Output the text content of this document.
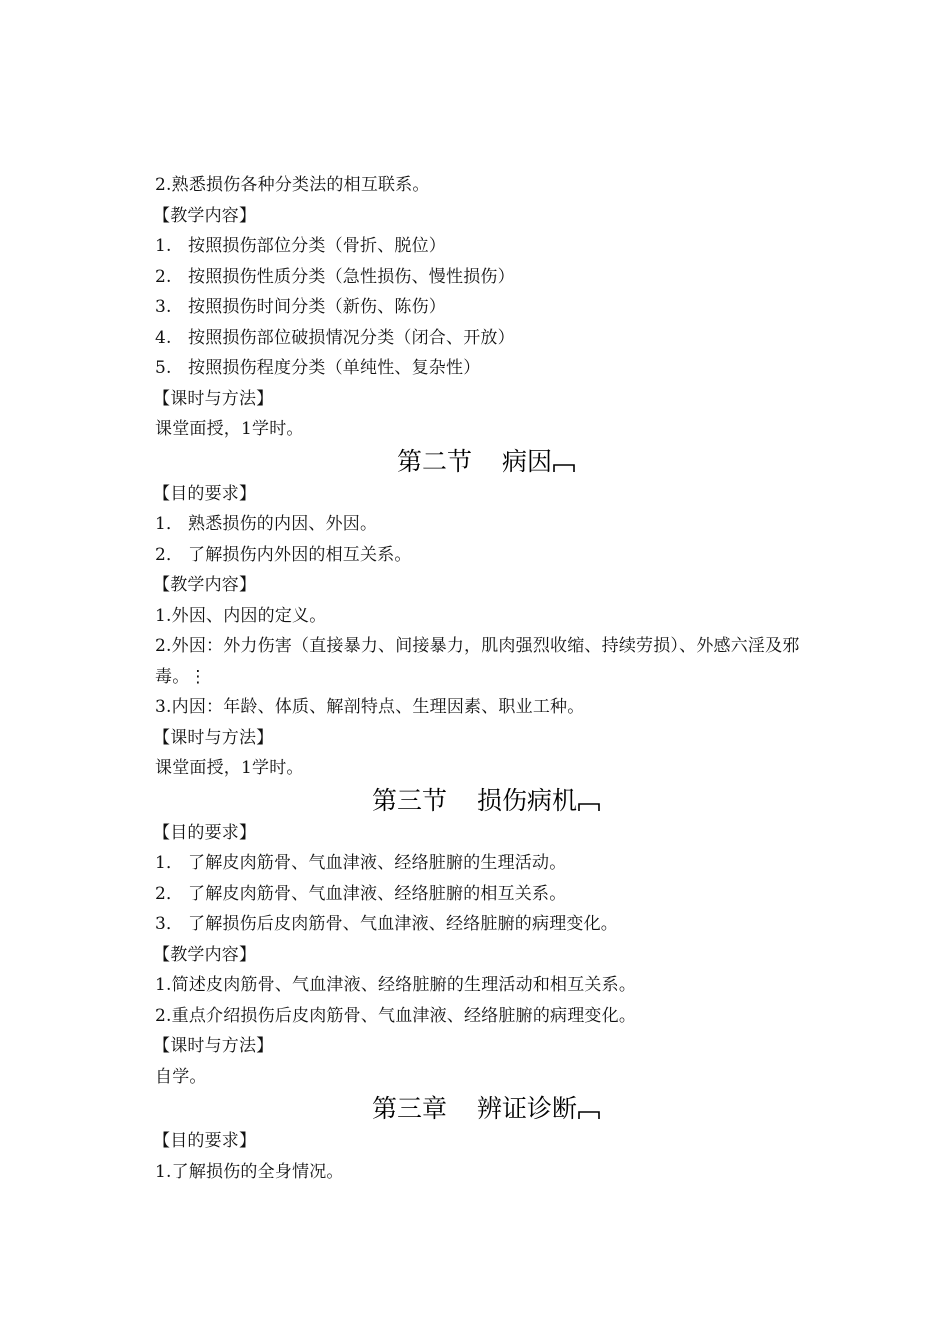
2.熟悉损伤各种分类法的相互联系。
【教学内容】
1. 按照损伤部位分类（骨折、脱位）
2. 按照损伤性质分类（急性损伤、慢性损伤）
3. 按照损伤时间分类（新伤、陈伤）
4. 按照损伤部位破损情况分类（闭合、开放）
5. 按照损伤程度分类（单纯性、复杂性）
【课时与方法】
课堂面授，1学时。
第二节 病因
【目的要求】
1． 熟悉损伤的内因、外因。
2． 了解损伤内外因的相互关系。
【教学内容】
1.外因、内因的定义。
2.外因：外力伤害（直接暴力、间接暴力，肌肉强烈收缩、持续劳损）、外感六淫及邪毒。⋮
3.内因：年龄、体质、解剖特点、生理因素、职业工种。
【课时与方法】
课堂面授，1学时。
第三节 损伤病机
【目的要求】
1． 了解皮肉筋骨、气血津液、经络脏腑的生理活动。
2． 了解皮肉筋骨、气血津液、经络脏腑的相互关系。
3． 了解损伤后皮肉筋骨、气血津液、经络脏腑的病理变化。
【教学内容】
1.简述皮肉筋骨、气血津液、经络脏腑的生理活动和相互关系。
2.重点介绍损伤后皮肉筋骨、气血津液、经络脏腑的病理变化。
【课时与方法】
自学。
第三章 辨证诊断
【目的要求】
1.了解损伤的全身情况。
